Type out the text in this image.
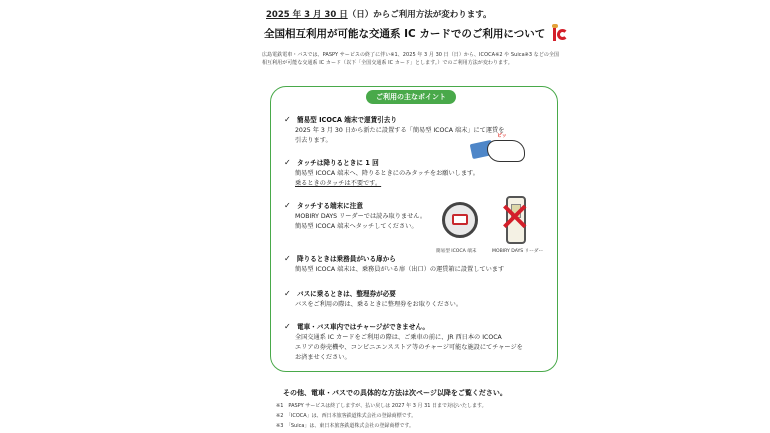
2025 年 3 月 30 日（日）からご利用方法が変わります。
全国相互利用が可能な交通系 IC カードでのご利用について
広島電鉄電車・バスでは、PASPY サービスの終了に伴い※1、2025 年 3 月 30 日（日）から、ICOCA※2 や Suica※3 などの全国相互利用が可能な交通系 IC カード（以下「全国交通系 IC カード」とします。）でのご利用方法が変わります。
ご利用の主なポイント
✓ 簡易型 ICOCA 端末で運賃引去り
2025 年 3 月 30 日から新たに設置する「簡易型 ICOCA 端末」にて運賃を
引去ります。
ピッ
✓ タッチは降りるときに 1 回
簡易型 ICOCA 端末へ、降りるときにのみタッチをお願いします。
乗るときのタッチは不要です。
✓ タッチする端末に注意
MOBIRY DAYS リーダーでは読み取りません。
簡易型 ICOCA 端末へタッチしてください。	✕
簡易型 ICOCA 端末	MOBIRY DAYS リーダー
✓ 降りるときは乗務員がいる扉から
簡易型 ICOCA 端末は、乗務員がいる扉（出口）の運賃箱に設置しています
✓ バスに乗るときは、整理券が必要
バスをご利用の際は、乗るときに整理券をお取りください。
✓ 電車・バス車内ではチャージができません。
全国交通系 IC カードをご利用の際は、ご乗車の前に、JR 西日本の ICOCA
エリアの券売機や、コンビニエンスストア等のチャージ可能な施設にてチャージを
お済ませください。
その他、電車・バスでの具体的な方法は次ページ以降をご覧ください。
※1　PASPY サービスは終了しますが、払い戻しは 2027 年 3 月 31 日まで対応いたします。
※2　「ICOCA」は、西日本旅客鉄道株式会社の登録商標です。
※3　「Suica」は、東日本旅客鉄道株式会社の登録商標です。
